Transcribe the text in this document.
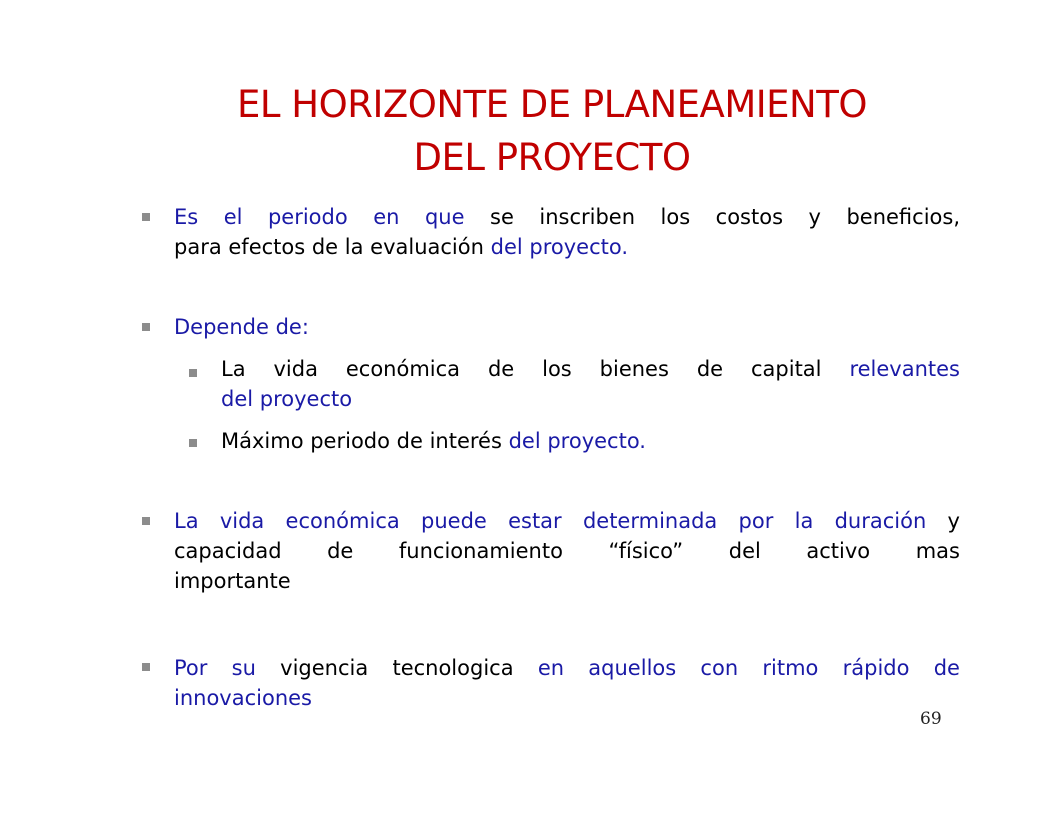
EL HORIZONTE DE PLANEAMIENTO
DEL PROYECTO
Es el periodo en que se inscriben los costos y beneficios,
para efectos de la evaluación del proyecto.
Depende de:
La vida económica de los bienes de capital relevantes
del proyecto
Máximo periodo de interés del proyecto.
La vida económica puede estar determinada por la duración y
capacidad de funcionamiento “físico” del activo mas
importante
Por su vigencia tecnologica en aquellos con ritmo rápido de
innovaciones
69
